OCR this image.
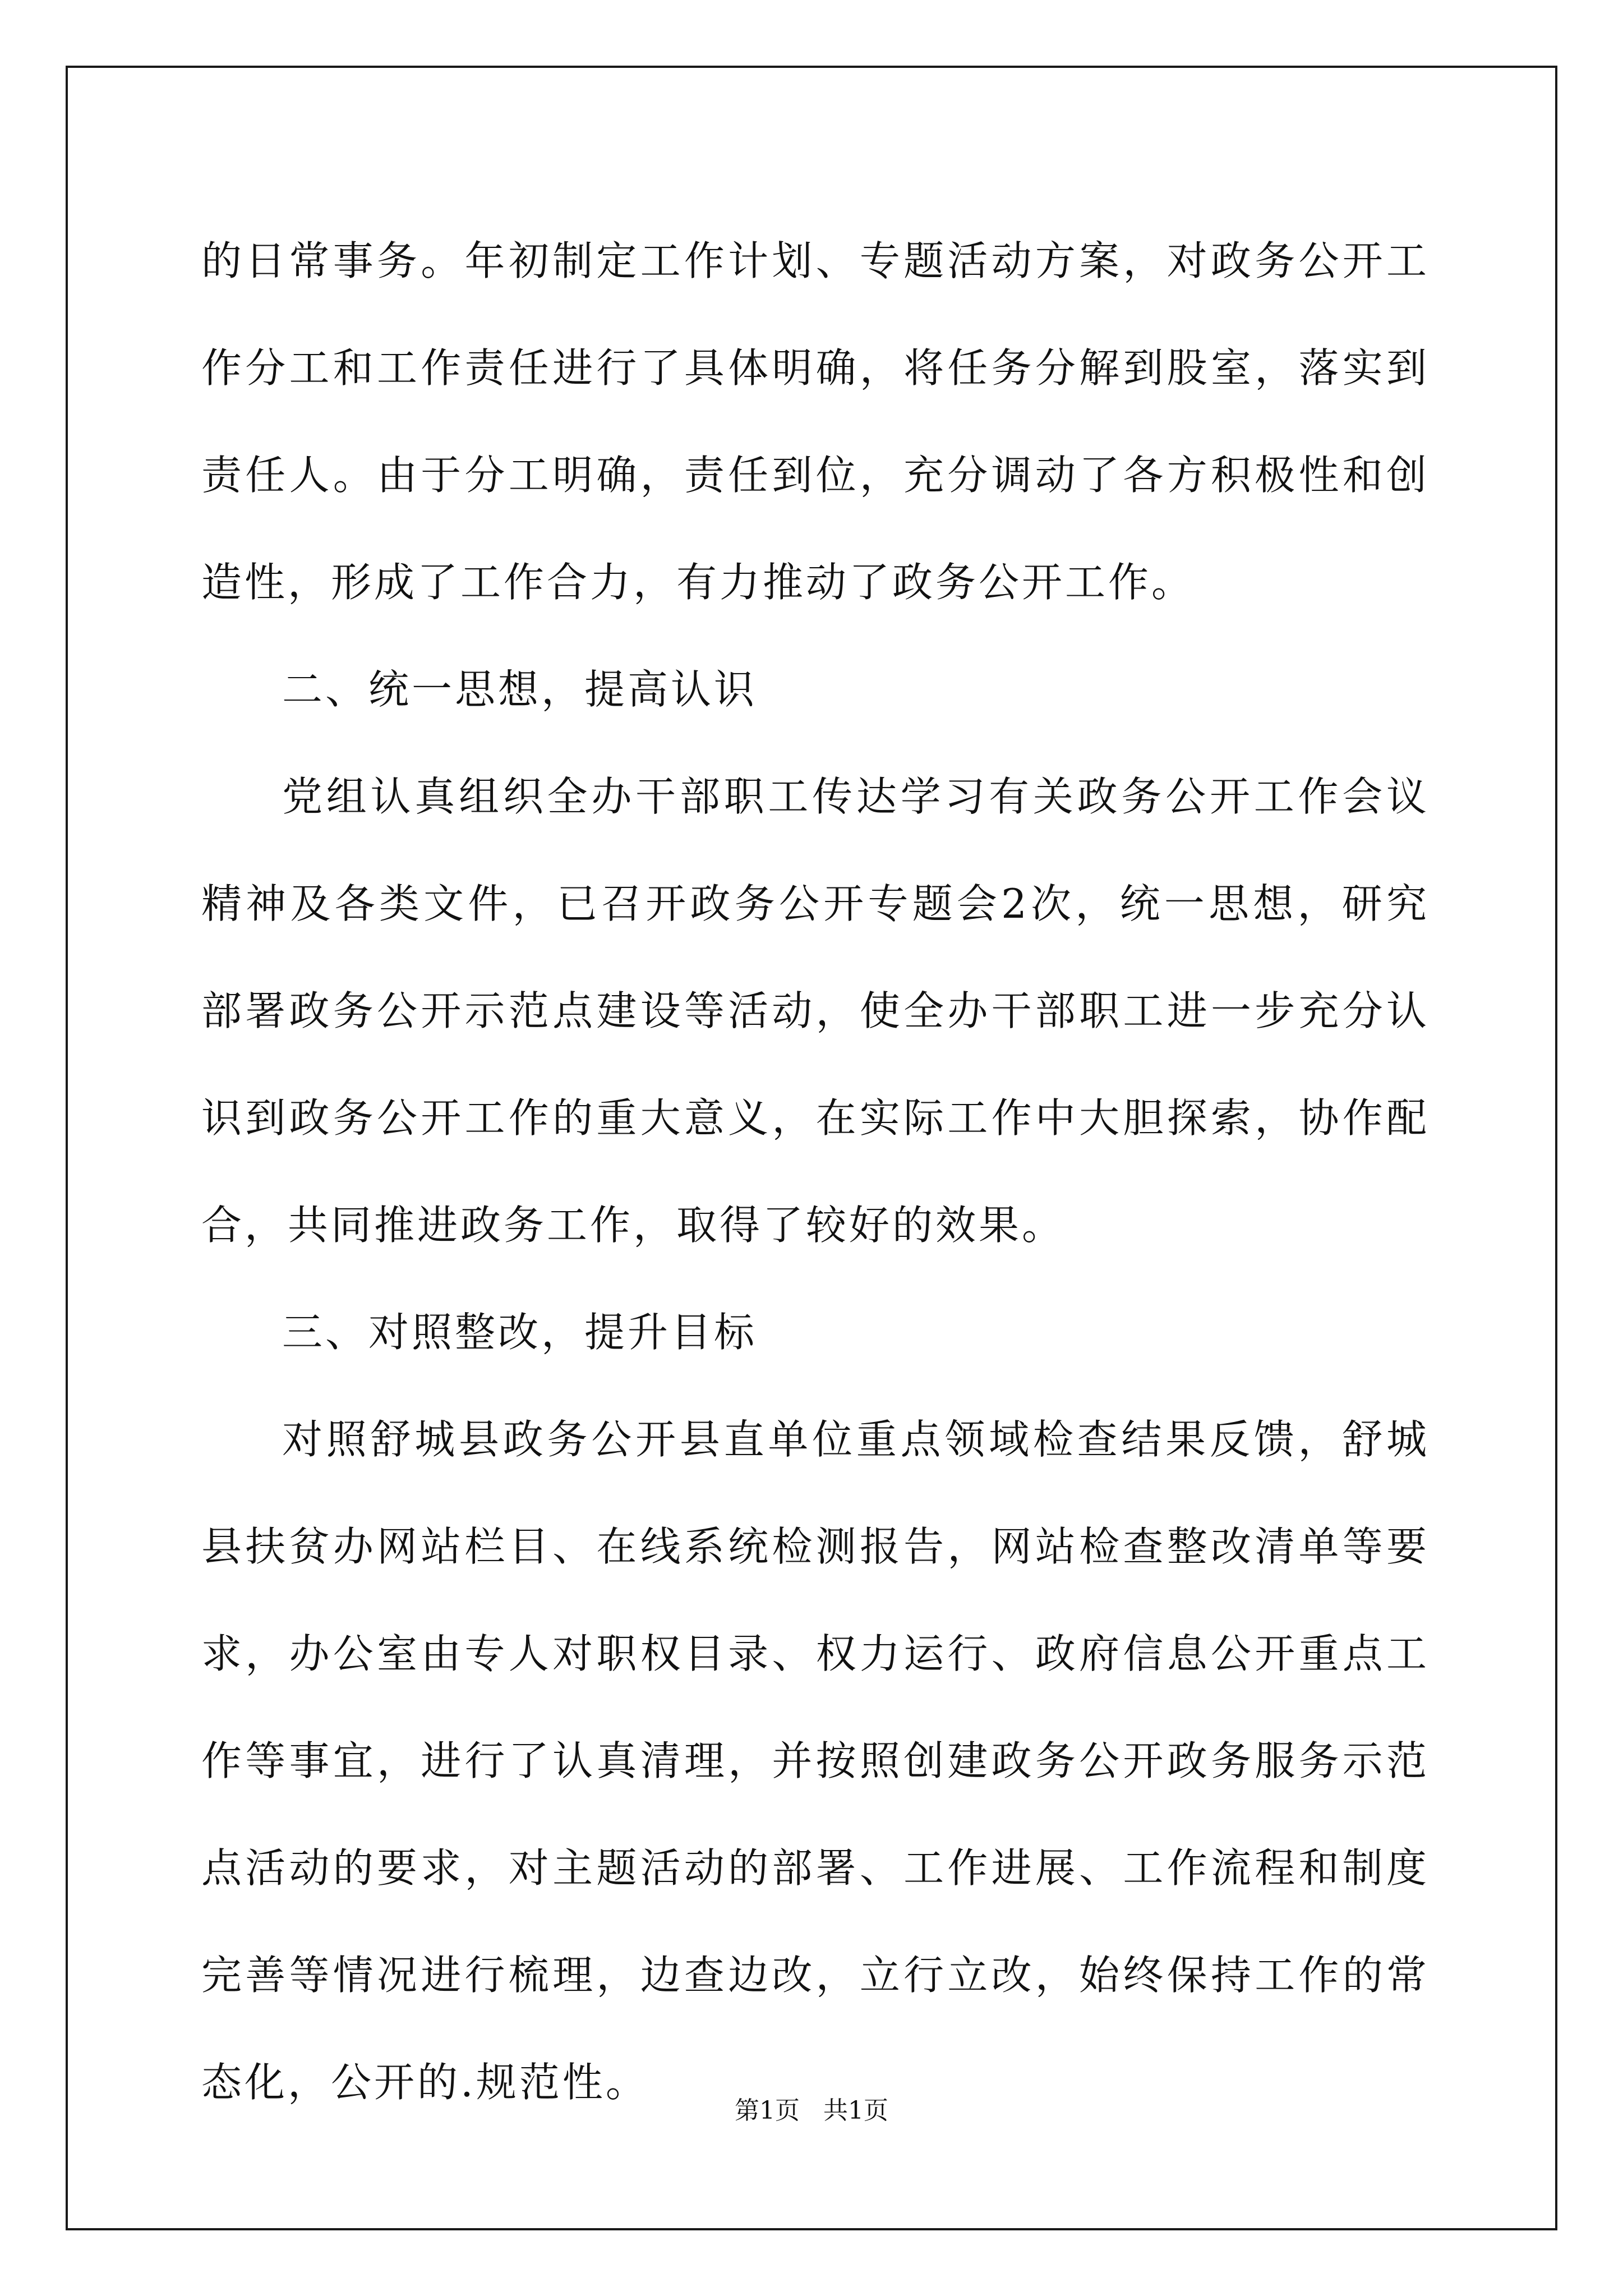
的日常事务。年初制定工作计划、专题活动方案，对政务公开工作分工和工作责任进行了具体明确，将任务分解到股室，落实到责任人。由于分工明确，责任到位，充分调动了各方积极性和创造性，形成了工作合力，有力推动了政务公开工作。

二、统一思想，提高认识

党组认真组织全办干部职工传达学习有关政务公开工作会议精神及各类文件，已召开政务公开专题会2次，统一思想，研究部署政务公开示范点建设等活动，使全办干部职工进一步充分认识到政务公开工作的重大意义，在实际工作中大胆探索，协作配合，共同推进政务工作，取得了较好的效果。

三、对照整改，提升目标

对照舒城县政务公开县直单位重点领域检查结果反馈，舒城县扶贫办网站栏目、在线系统检测报告，网站检查整改清单等要求，办公室由专人对职权目录、权力运行、政府信息公开重点工作等事宜，进行了认真清理，并按照创建政务公开政务服务示范点活动的要求，对主题活动的部署、工作进展、工作流程和制度完善等情况进行梳理，边查边改，立行立改，始终保持工作的常态化，公开的.规范性。

第1页   共1页
